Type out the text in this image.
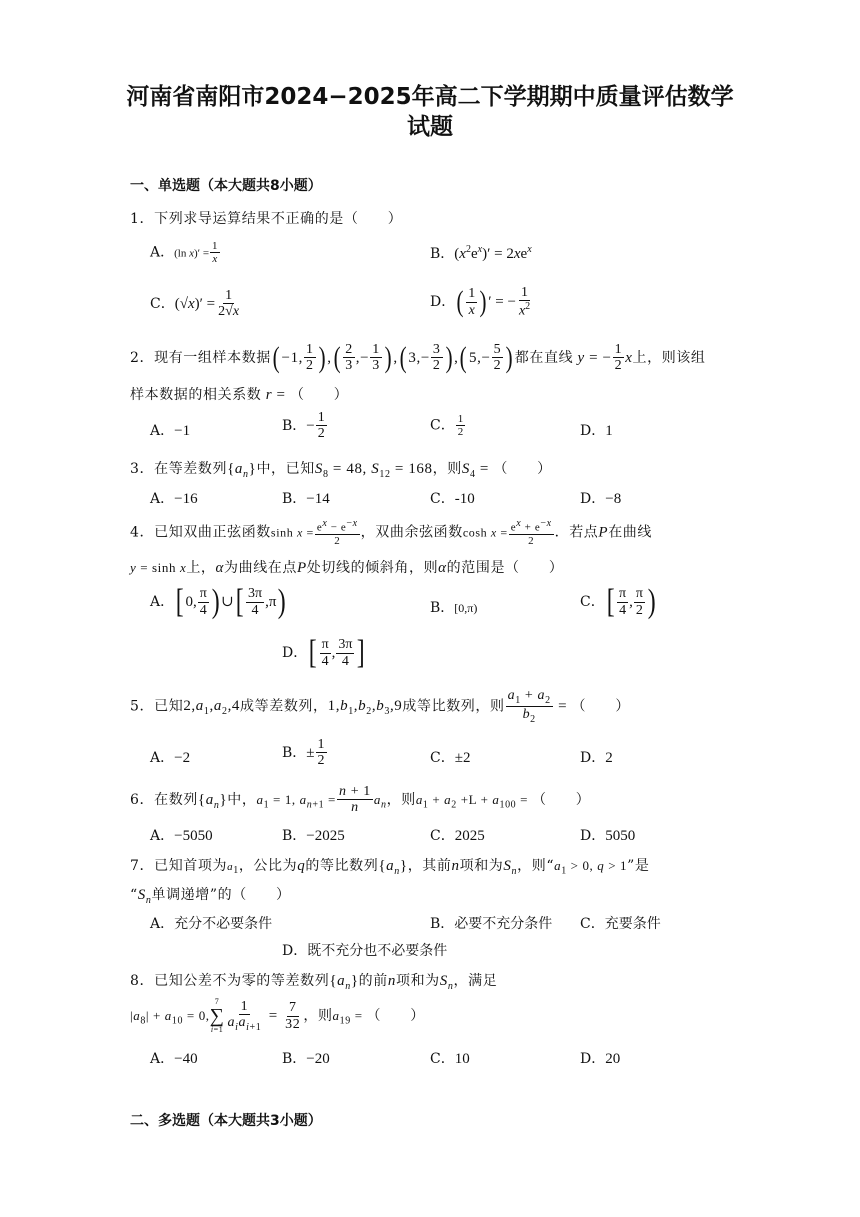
河南省南阳市2024−2025年高二下学期期中质量评估数学
试题
一、单选题（本大题共8小题）
1．下列求导运算结果不正确的是（　　）
A．(ln $x)' = \frac{1}{x}$	B．$(x^2e^x)' = 2xe^x$
C．$(√x)' = \frac{1}{2√x}$	D．( $\frac{1}{x}$ ) ′ = − $\frac{1}{x^2}$
2．现有一组样本数据( −1, $\frac{1}{2}$ ) ,( $\frac{2}{3}$ ,− $\frac{1}{3}$ ) ,( $3,- \frac{3}{2}$ ) ,( $5,- \frac{5}{2}$ ) 都在直线 y = − $\frac{1}{2}$ x上，则该组
样本数据的相关系数 r = （　　）
A．−1	B．− $\frac{1}{2}$	C． $\frac{1}{2}$	D．1
3．在等差数列$\{a_n\}$中，已知$S_8 = 48$, $S_{12} = 168$，则$S_4$ = （　　）
A．−16	B．−14	C．-10	D．−8
4．已知双曲正弦函数$\sinh x = \frac{e^x - e^{-x}}{2}$ ，双曲余弦函数$\cosh x = \frac{e^x + e^{-x}}{2}$ ．若点P在曲线
y = sinh x上，α为曲线在点P处切线的倾斜角，则α的范围是（　　）
A．[ 0, $\frac{\pi}{4}$ ) ∪[ $\frac{3\pi}{4} ,\pi$)	B．[0,π)	C．[ $\frac{\pi}{4}$ , $\frac{\pi}{2}$ )
D．[ $\frac{\pi}{4}$ , $\frac{3\pi}{4}$ ]
5．已知$2,a_1,a_2,4$成等差数列，$1,b_1,b_2,b_3,9$成等比数列，则 $\frac{a_1 + a_2}{b_2}$ = （　　）
A．−2	B．± $\frac{1}{2}$	C．±2	D．2
6．在数列$\{a_n\}$中，$a_1 = 1$, $a_{n+1} = \frac{n + 1}{n} a_n$，则$a_1 + a_2 +L + a_{100}$ = （　　）
A．−5050	B．−2025	C．2025	D．5050
7．已知首项为$a_1$，公比为q的等比数列$\{a_n\}$，其前n项和为$S_n$，则“$a_1 > 0$, q > 1”是
“$S_n$单调递增”的（　　）
A．充分不必要条件	B．必要不充分条件 C．充要条件
D．既不充分也不必要条件
8．已知公差不为零的等差数列$\{a_n\}$的前n项和为$S_n$，满足
$|a_8| + a_{10} = 0$,
7
∑
$i=1 \frac{1}{a_ia_{i+1}} = \frac{7}{32}$ ，则$a_{19}$ = （　　）
A．−40	B．−20	C．10	D．20
二、多选题（本大题共3小题）
